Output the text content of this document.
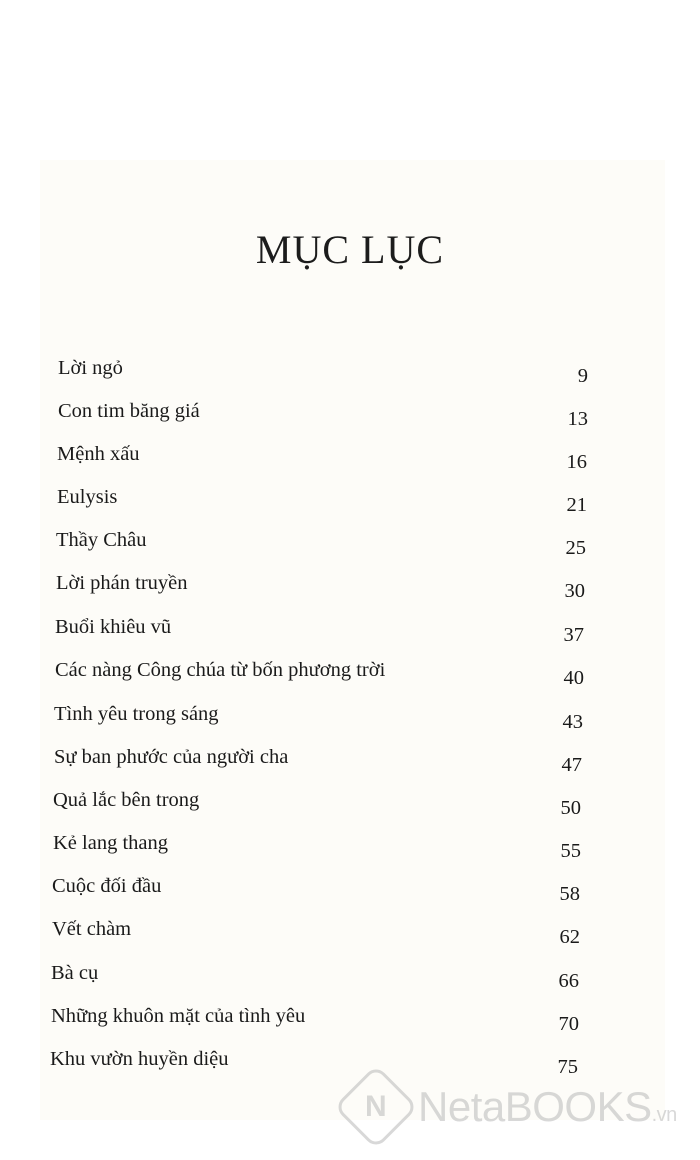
MỤC LỤC
Lời ngỏ	9
Con tim băng giá	13
Mệnh xấu	16
Eulysis	21
Thầy Châu	25
Lời phán truyền	30
Buổi khiêu vũ	37
Các nàng Công chúa từ bốn phương trời	40
Tình yêu trong sáng	43
Sự ban phước của người cha	47
Quả lắc bên trong	50
Kẻ lang thang	55
Cuộc đối đầu	58
Vết chàm	62
Bà cụ	66
Những khuôn mặt của tình yêu	70
Khu vườn huyền diệu	75
N NetaBOOKS.vn
